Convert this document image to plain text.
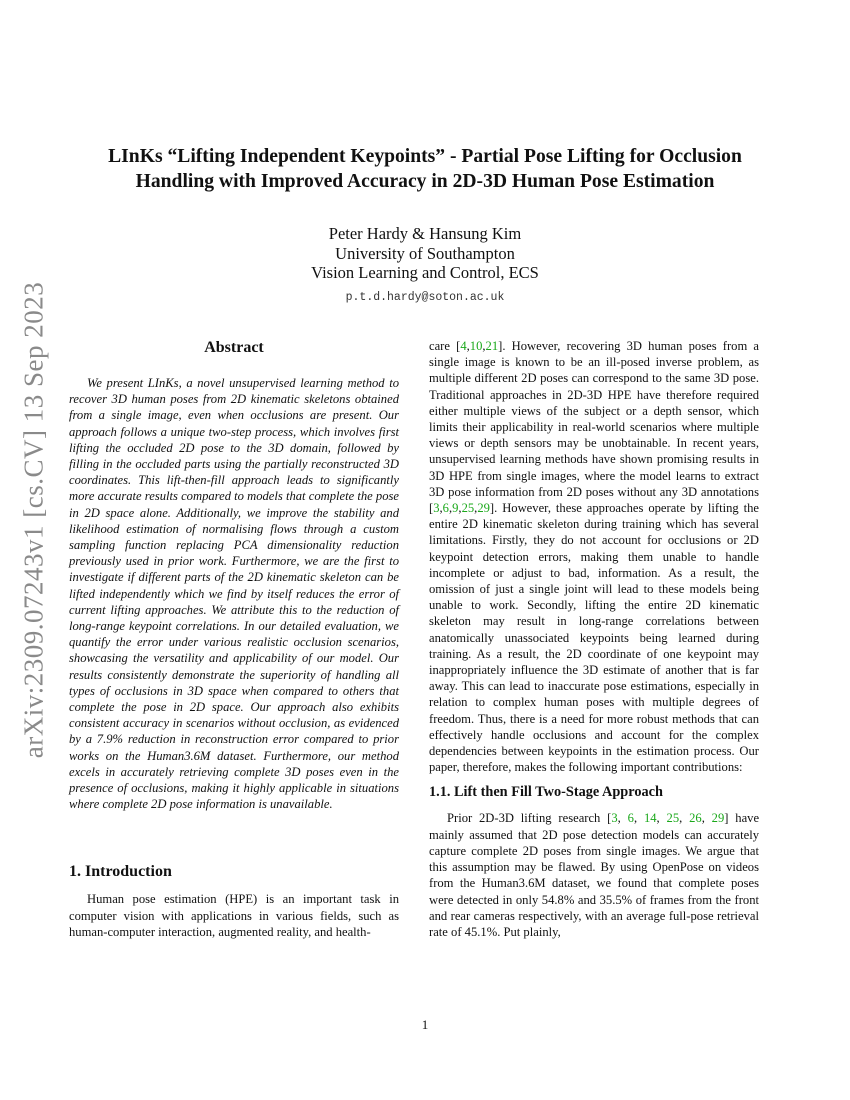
arXiv:2309.07243v1 [cs.CV] 13 Sep 2023
LInKs “Lifting Independent Keypoints” - Partial Pose Lifting for Occlusion
Handling with Improved Accuracy in 2D-3D Human Pose Estimation
Peter Hardy & Hansung Kim
University of Southampton
Vision Learning and Control, ECS
p.t.d.hardy@soton.ac.uk
Abstract

We present LInKs, a novel unsupervised learning method to recover 3D human poses from 2D kinematic skeletons obtained from a single image, even when occlusions are present. Our approach follows a unique two-step process, which involves first lifting the occluded 2D pose to the 3D domain, followed by filling in the occluded parts using the partially reconstructed 3D coordinates. This lift-then-fill approach leads to significantly more accurate results compared to models that complete the pose in 2D space alone. Additionally, we improve the stability and likelihood estimation of normalising flows through a custom sampling function replacing PCA dimensionality reduction previously used in prior work. Furthermore, we are the first to investigate if different parts of the 2D kinematic skeleton can be lifted independently which we find by itself reduces the error of current lifting approaches. We attribute this to the reduction of long-range keypoint correlations. In our detailed evaluation, we quantify the error under various realistic occlusion scenarios, showcasing the versatility and applicability of our model. Our results consistently demonstrate the superiority of handling all types of occlusions in 3D space when compared to others that complete the pose in 2D space. Our approach also exhibits consistent accuracy in scenarios without occlusion, as evidenced by a 7.9% reduction in reconstruction error compared to prior works on the Human3.6M dataset. Furthermore, our method excels in accurately retrieving complete 3D poses even in the presence of occlusions, making it highly applicable in situations where complete 2D pose information is unavailable.

1. Introduction

Human pose estimation (HPE) is an important task in computer vision with applications in various fields, such as human-computer interaction, augmented reality, and health-

care [4,10,21]. However, recovering 3D human poses from a single image is known to be an ill-posed inverse problem, as multiple different 2D poses can correspond to the same 3D pose. Traditional approaches in 2D-3D HPE have therefore required either multiple views of the subject or a depth sensor, which limits their applicability in real-world scenarios where multiple views or depth sensors may be unobtainable. In recent years, unsupervised learning methods have shown promising results in 3D HPE from single images, where the model learns to extract 3D pose information from 2D poses without any 3D annotations [3,6,9,25,29]. However, these approaches operate by lifting the entire 2D kinematic skeleton during training which has several limitations. Firstly, they do not account for occlusions or 2D keypoint detection errors, making them unable to handle incomplete or adjust to bad, information. As a result, the omission of just a single joint will lead to these models being unable to work. Secondly, lifting the entire 2D kinematic skeleton may result in long-range correlations between anatomically unassociated keypoints being learned during training. As a result, the 2D coordinate of one keypoint may inappropriately influence the 3D estimate of another that is far away. This can lead to inaccurate pose estimations, especially in relation to complex human poses with multiple degrees of freedom. Thus, there is a need for more robust methods that can effectively handle occlusions and account for the complex dependencies between keypoints in the estimation process. Our paper, therefore, makes the following important contributions:

1.1. Lift then Fill Two-Stage Approach

Prior 2D-3D lifting research [3, 6, 14, 25, 26, 29] have mainly assumed that 2D pose detection models can accurately capture complete 2D poses from single images. We argue that this assumption may be flawed. By using OpenPose on videos from the Human3.6M dataset, we found that complete poses were detected in only 54.8% and 35.5% of frames from the front and rear cameras respectively, with an average full-pose retrieval rate of 45.1%. Put plainly,

1
